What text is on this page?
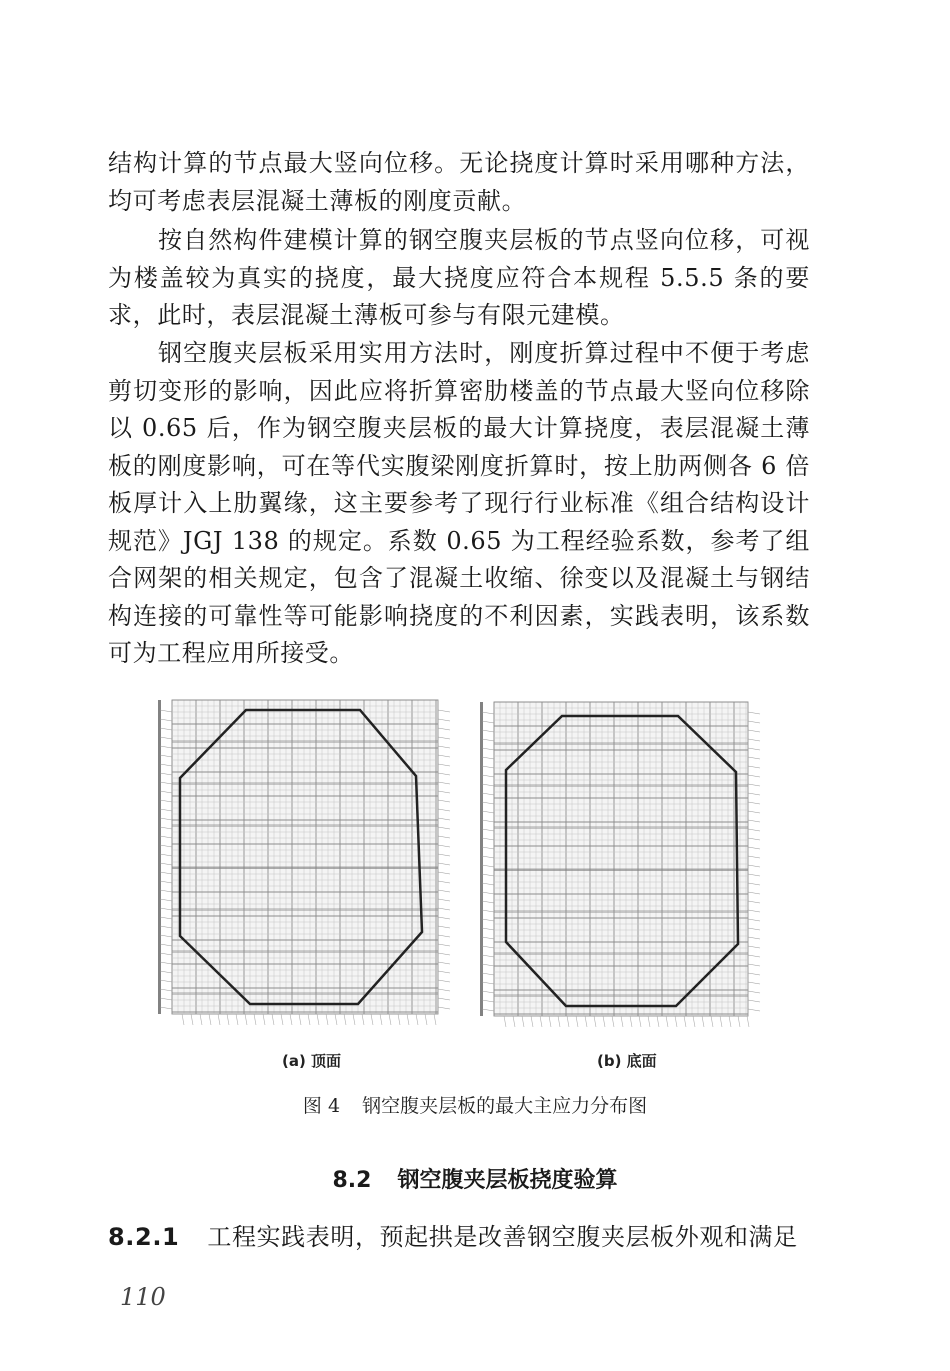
结构计算的节点最大竖向位移。无论挠度计算时采用哪种方法，均可考虑表层混凝土薄板的刚度贡献。

按自然构件建模计算的钢空腹夹层板的节点竖向位移，可视为楼盖较为真实的挠度，最大挠度应符合本规程 5.5.5 条的要求，此时，表层混凝土薄板可参与有限元建模。

钢空腹夹层板采用实用方法时，刚度折算过程中不便于考虑剪切变形的影响，因此应将折算密肋楼盖的节点最大竖向位移除以 0.65 后，作为钢空腹夹层板的最大计算挠度，表层混凝土薄板的刚度影响，可在等代实腹梁刚度折算时，按上肋两侧各 6 倍板厚计入上肋翼缘，这主要参考了现行行业标准《组合结构设计规范》JGJ 138 的规定。系数 0.65 为工程经验系数，参考了组合网架的相关规定，包含了混凝土收缩、徐变以及混凝土与钢结构连接的可靠性等可能影响挠度的不利因素，实践表明，该系数可为工程应用所接受。

(a) 顶面	(b) 底面
图 4 钢空腹夹层板的最大主应力分布图
8.2 钢空腹夹层板挠度验算
8.2.1 工程实践表明，预起拱是改善钢空腹夹层板外观和满足
110
